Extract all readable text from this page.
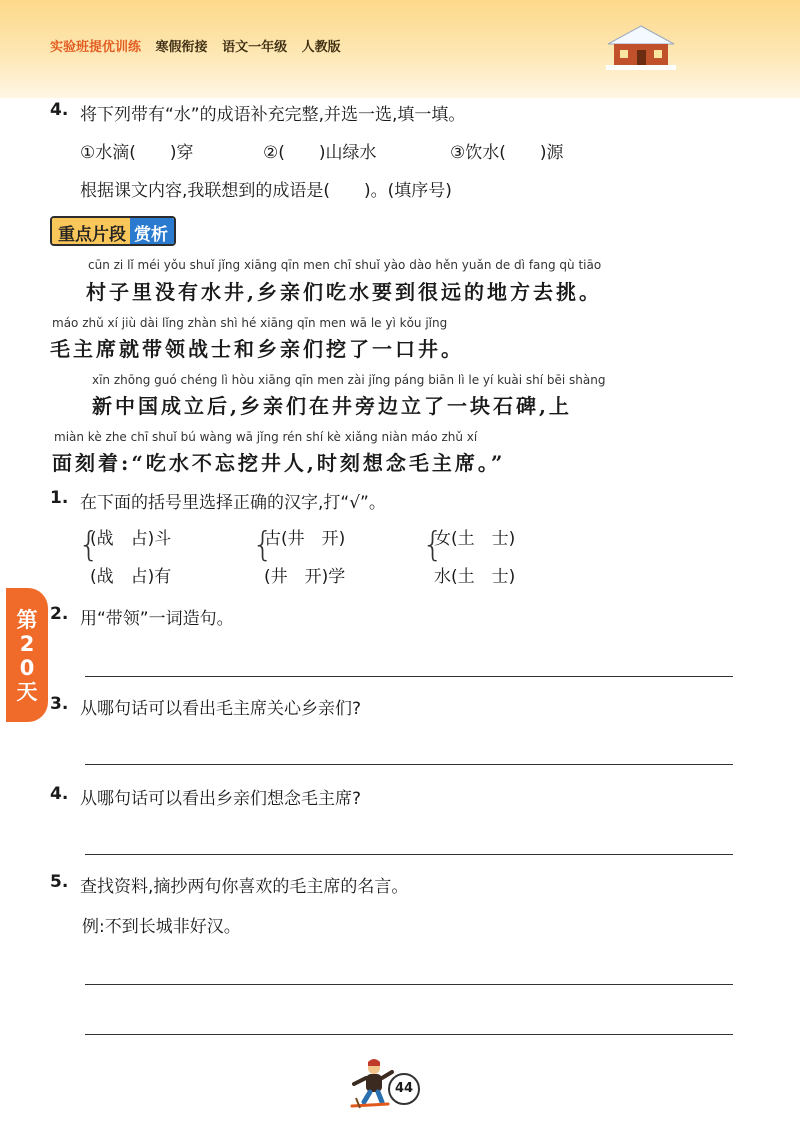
实验班提优训练 寒假衔接 语文一年级 人教版
第20天
4. 将下列带有“水”的成语补充完整,并选一选,填一填。
①水滴(　　)穿	②(　　)山绿水	③饮水(　　)源
根据课文内容,我联想到的成语是(　　)。(填序号)
重点片段 赏析
cūn zi lǐ méi yǒu shuǐ jǐng xiāng qīn men chī shuǐ yào dào hěn yuǎn de dì fang qù tiāo
村子里没有水井,乡亲们吃水要到很远的地方去挑。
máo zhǔ xí jiù dài lǐng zhàn shì hé xiāng qīn men wā le yì kǒu jǐng
毛主席就带领战士和乡亲们挖了一口井。
xīn zhōng guó chéng lì hòu xiāng qīn men zài jǐng páng biān lì le yí kuài shí bēi shàng
新中国成立后,乡亲们在井旁边立了一块石碑,上
miàn kè zhe chī shuǐ bú wàng wā jǐng rén shí kè xiǎng niàn máo zhǔ xí
面刻着:“吃水不忘挖井人,时刻想念毛主席。”
1. 在下面的括号里选择正确的汉字,打“√”。
{
(战　占)斗
(战　占)有
{
古(井　开)
(井　开)学
{
女(土　士)
水(土　士)
2. 用“带领”一词造句。
3. 从哪句话可以看出毛主席关心乡亲们?
4. 从哪句话可以看出乡亲们想念毛主席?
5. 查找资料,摘抄两句你喜欢的毛主席的名言。
例:不到长城非好汉。
44
